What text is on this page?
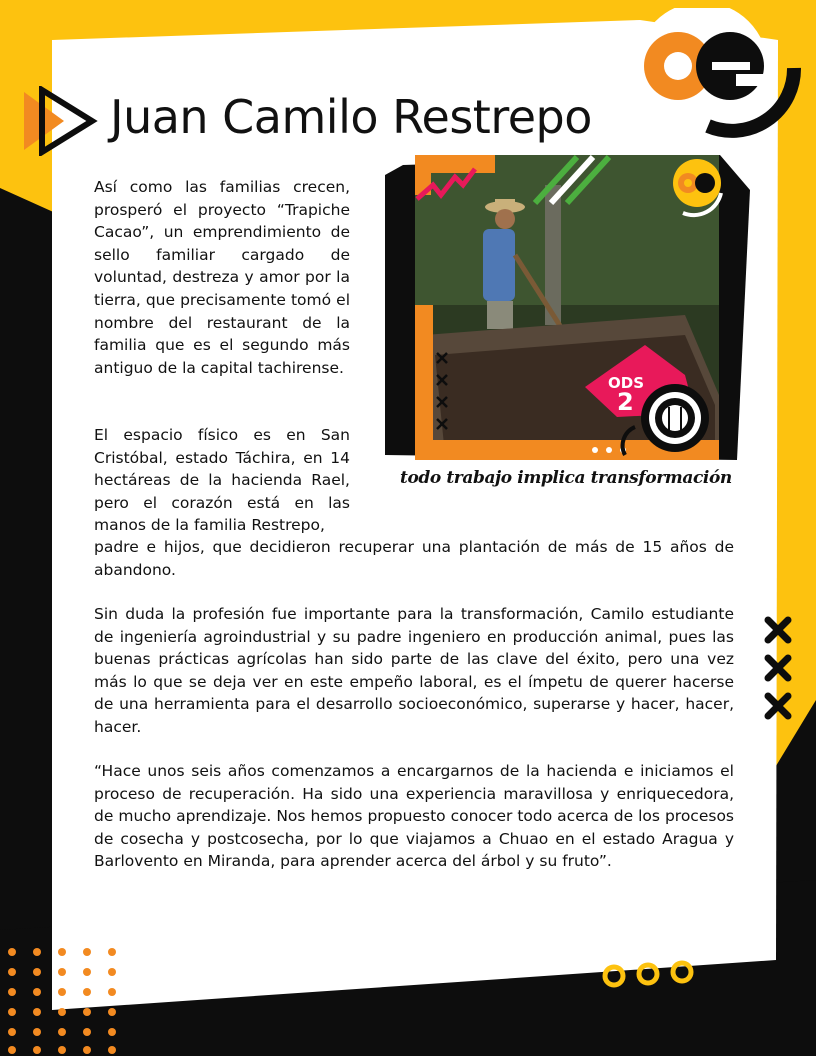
Juan Camilo Restrepo

Así como las familias crecen, prosperó el proyecto “Trapiche Cacao”, un emprendimiento de sello familiar cargado de voluntad, destreza y amor por la tierra, que precisamente tomó el nombre del restaurant de la familia que es el segundo más antiguo de la capital tachirense.

El espacio físico es en San Cristóbal, estado Táchira, en 14 hectáreas de la hacienda Rael, pero el corazón está en las manos de la familia Restrepo,

padre e hijos, que decidieron recuperar una plantación de más de 15 años de abandono.

Sin duda la profesión fue importante para la transformación, Camilo estudiante de ingeniería agroindustrial y su padre ingeniero en producción animal, pues las buenas prácticas agrícolas han sido parte de las clave del éxito, pero una vez más lo que se deja ver en este empeño laboral, es el ímpetu de querer hacerse de una herramienta para el desarrollo socioeconómico, superarse y hacer, hacer, hacer.

“Hace unos seis años comenzamos a encargarnos de la hacienda e iniciamos el proceso de recuperación. Ha sido una experiencia maravillosa y enriquecedora, de mucho aprendizaje. Nos hemos propuesto conocer todo acerca de los procesos de cosecha y postcosecha, por lo que viajamos a Chuao en el estado Aragua y Barlovento en Miranda, para aprender acerca del árbol y su fruto”.

ODS
2
todo trabajo implica transformación
